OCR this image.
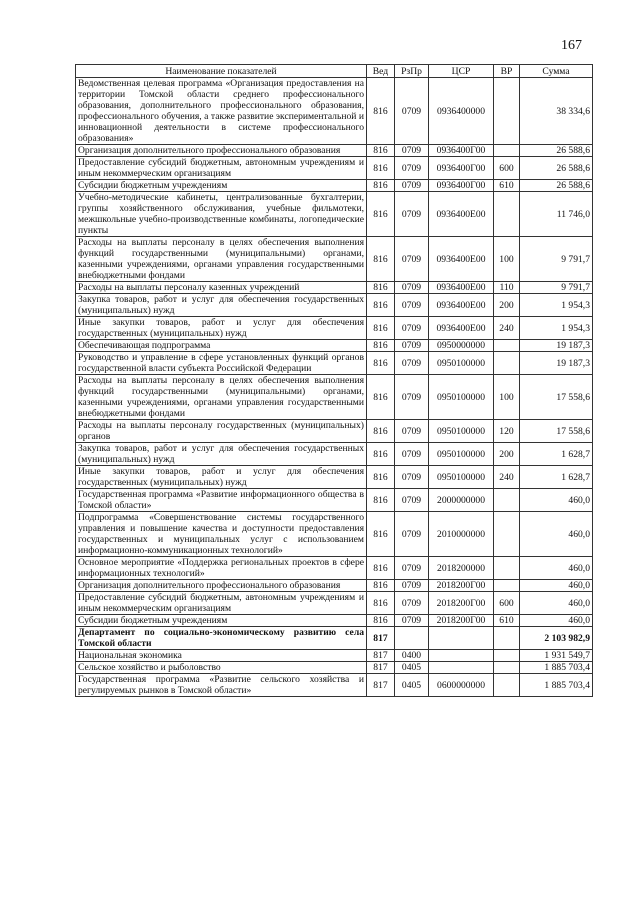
167
Наименование показателей	Вед	РзПр	ЦСР	ВР	Сумма
Ведомственная целевая программа «Организация предоставления на территории Томской области среднего профессионального образования, дополнительного профессионального образования, профессионального обучения, а также развитие экспериментальной и инновационной деятельности в системе профессионального образования»	816	0709	0936400000		38 334,6
Организация дополнительного профессионального образования	816	0709	0936400Г00		26 588,6
Предоставление субсидий бюджетным, автономным учреждениям и иным некоммерческим организациям	816	0709	0936400Г00	600	26 588,6
Субсидии бюджетным учреждениям	816	0709	0936400Г00	610	26 588,6
Учебно-методические кабинеты, централизованные бухгалтерии, группы хозяйственного обслуживания, учебные фильмотеки, межшкольные учебно-производственные комбинаты, логопедические пункты	816	0709	0936400Е00		11 746,0
Расходы на выплаты персоналу в целях обеспечения выполнения функций государственными (муниципальными) органами, казенными учреждениями, органами управления государственными внебюджетными фондами	816	0709	0936400Е00	100	9 791,7
Расходы на выплаты персоналу казенных учреждений	816	0709	0936400Е00	110	9 791,7
Закупка товаров, работ и услуг для обеспечения государственных (муниципальных) нужд	816	0709	0936400Е00	200	1 954,3
Иные закупки товаров, работ и услуг для обеспечения государственных (муниципальных) нужд	816	0709	0936400Е00	240	1 954,3
Обеспечивающая подпрограмма	816	0709	0950000000		19 187,3
Руководство и управление в сфере установленных функций органов государственной власти субъекта Российской Федерации	816	0709	0950100000		19 187,3
Расходы на выплаты персоналу в целях обеспечения выполнения функций государственными (муниципальными) органами, казенными учреждениями, органами управления государственными внебюджетными фондами	816	0709	0950100000	100	17 558,6
Расходы на выплаты персоналу государственных (муниципальных) органов	816	0709	0950100000	120	17 558,6
Закупка товаров, работ и услуг для обеспечения государственных (муниципальных) нужд	816	0709	0950100000	200	1 628,7
Иные закупки товаров, работ и услуг для обеспечения государственных (муниципальных) нужд	816	0709	0950100000	240	1 628,7
Государственная программа «Развитие информационного общества в Томской области»	816	0709	2000000000		460,0
Подпрограмма «Совершенствование системы государственного управления и повышение качества и доступности предоставления государственных и муниципальных услуг с использованием информационно-коммуникационных технологий»	816	0709	2010000000		460,0
Основное мероприятие «Поддержка региональных проектов в сфере информационных технологий»	816	0709	2018200000		460,0
Организация дополнительного профессионального образования	816	0709	2018200Г00		460,0
Предоставление субсидий бюджетным, автономным учреждениям и иным некоммерческим организациям	816	0709	2018200Г00	600	460,0
Субсидии бюджетным учреждениям	816	0709	2018200Г00	610	460,0
Департамент по социально-экономическому развитию села Томской области	817				2 103 982,9
Национальная экономика	817	0400			1 931 549,7
Сельское хозяйство и рыболовство	817	0405			1 885 703,4
Государственная программа «Развитие сельского хозяйства и регулируемых рынков в Томской области»	817	0405	0600000000		1 885 703,4
